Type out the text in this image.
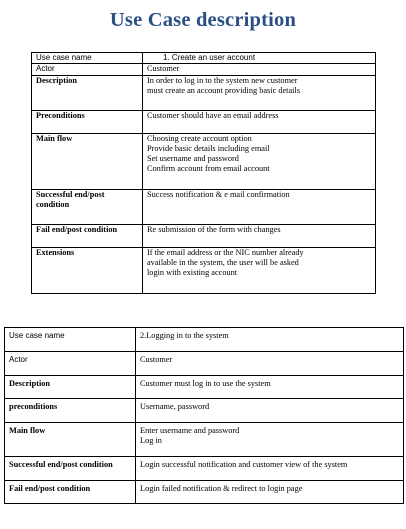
Use Case description
Use case name	1. Create an user account

Actor	Customer

Description	In order to log in to the system new customer
must create an account providing basic details

Preconditions	Customer should have an email address

Main flow	Choosing create account option
Provide basic details including email
Set username and password
Confirm account from email account

Successful end/post condition	Success notification & e mail confirmation

Fail end/post condition	Re submission of the form with changes

Extensions	If the email address or the NIC number already
available in the system, the user will be asked
login with existing account
Use case name	2.Logging in to the system

Actor	Customer

Description	Customer must log in to use the system

preconditions	Username, password

Main flow	Enter username and password
Log in

Successful end/post condition	Login successful notification and customer view of the system

Fail end/post condition	Login failed notification & redirect to login page
